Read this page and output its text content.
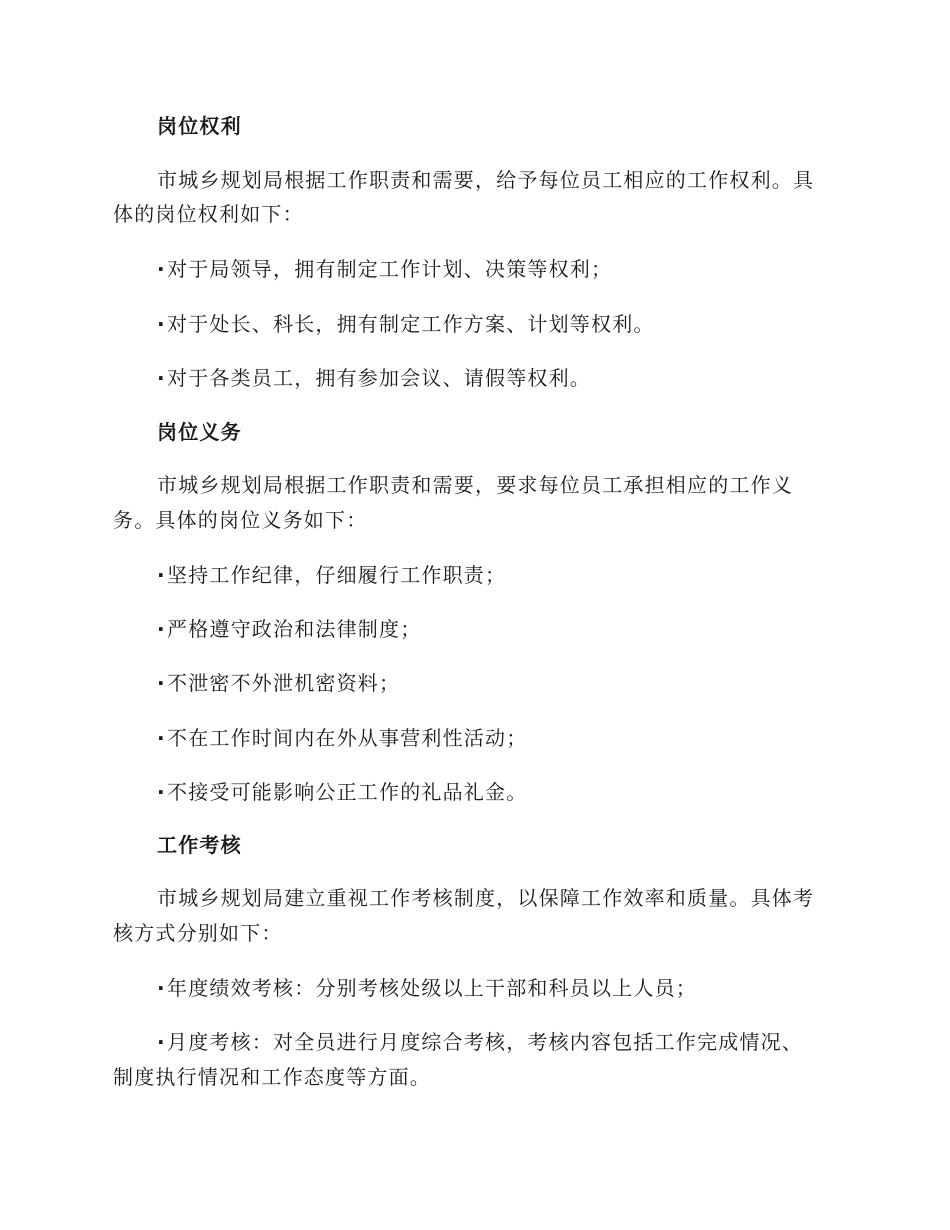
岗位权利
市城乡规划局根据工作职责和需要，给予每位员工相应的工作权利。具
体的岗位权利如下：
·对于局领导，拥有制定工作计划、决策等权利；
·对于处长、科长，拥有制定工作方案、计划等权利。
·对于各类员工，拥有参加会议、请假等权利。
岗位义务
市城乡规划局根据工作职责和需要，要求每位员工承担相应的工作义
务。具体的岗位义务如下：
·坚持工作纪律，仔细履行工作职责；
·严格遵守政治和法律制度；
·不泄密不外泄机密资料；
·不在工作时间内在外从事营利性活动；
·不接受可能影响公正工作的礼品礼金。
工作考核
市城乡规划局建立重视工作考核制度，以保障工作效率和质量。具体考
核方式分别如下：
·年度绩效考核：分别考核处级以上干部和科员以上人员；
·月度考核：对全员进行月度综合考核，考核内容包括工作完成情况、
制度执行情况和工作态度等方面。
